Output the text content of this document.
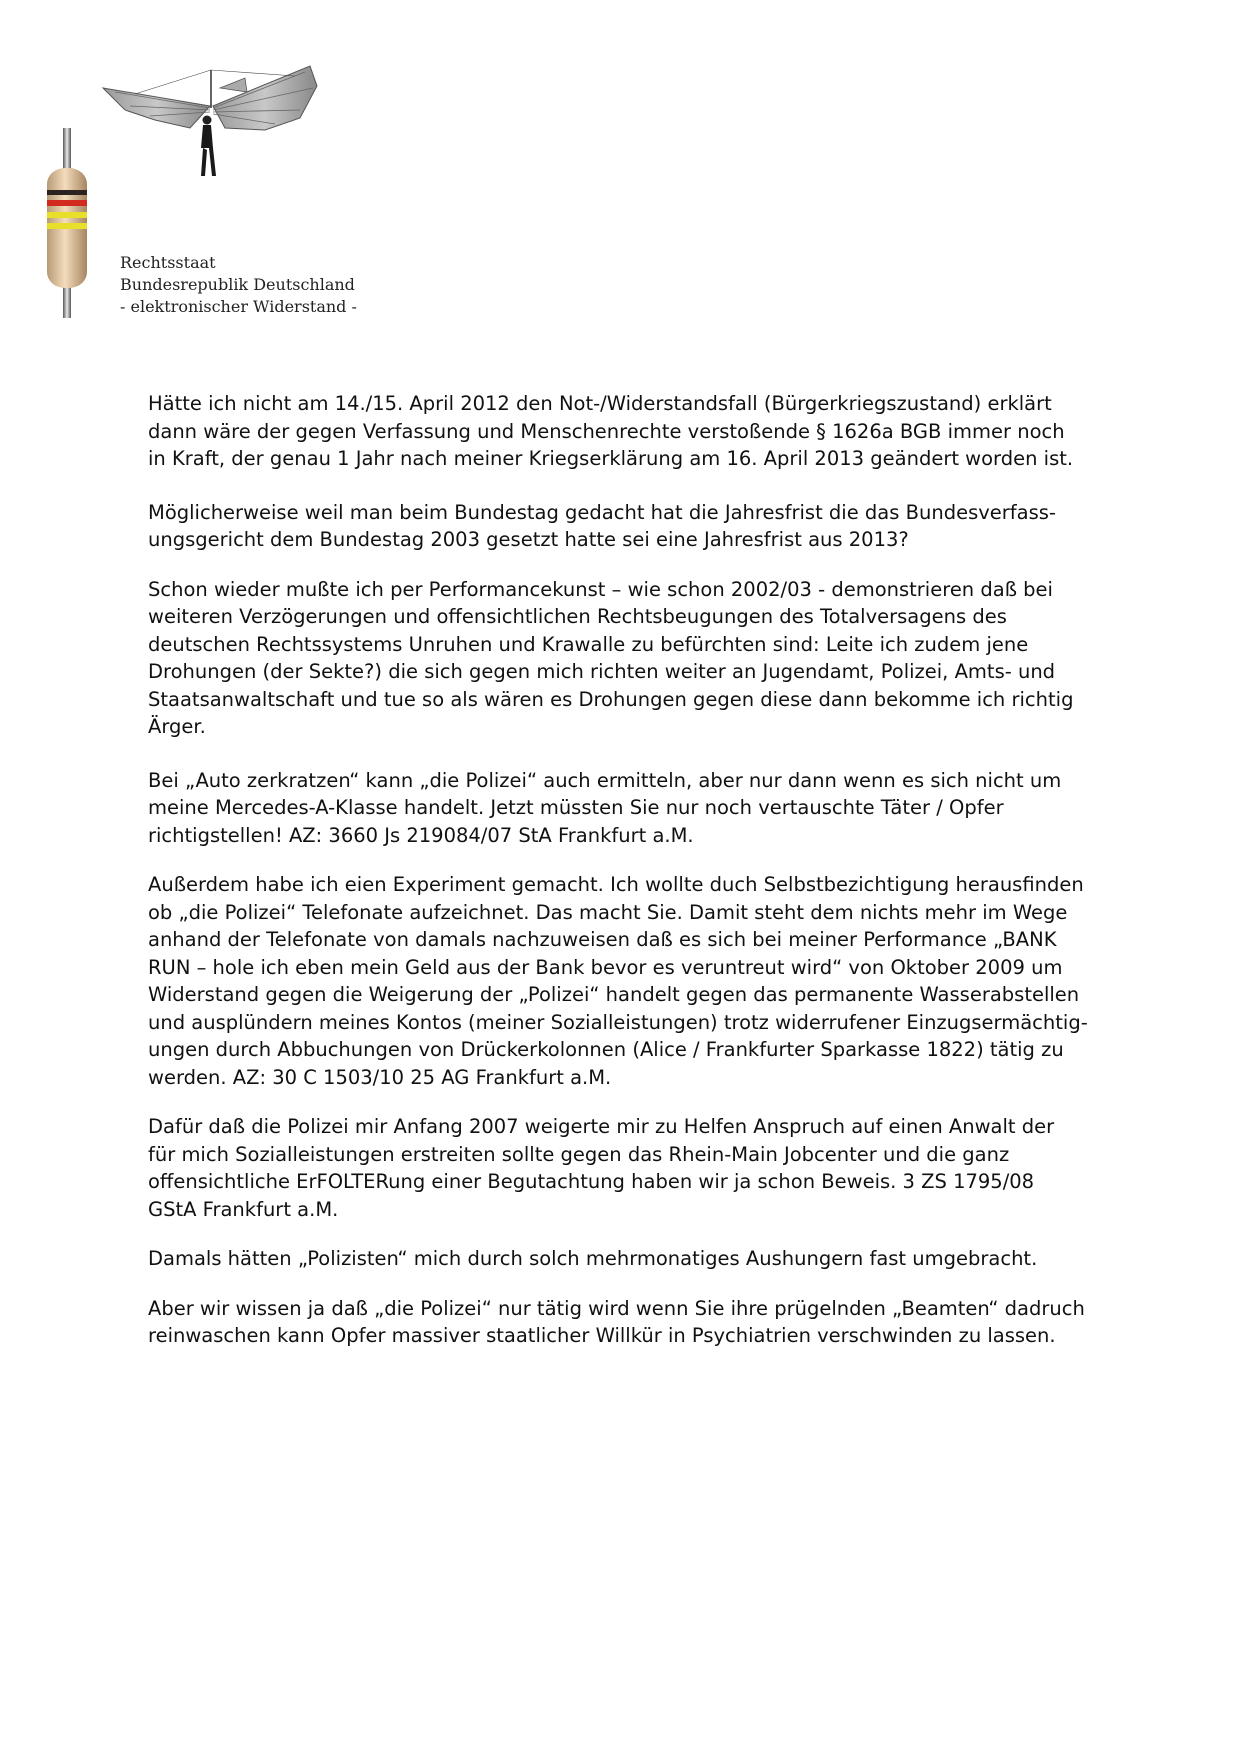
Rechtsstaat
Bundesrepublik Deutschland
- elektronischer Widerstand -

Hätte ich nicht am 14./15. April 2012 den Not-/Widerstandsfall (Bürgerkriegszustand) erklärt
dann wäre der gegen Verfassung und Menschenrechte verstoßende § 1626a BGB immer noch
in Kraft, der genau 1 Jahr nach meiner Kriegserklärung am 16. April 2013 geändert worden ist.

Möglicherweise weil man beim Bundestag gedacht hat die Jahresfrist die das Bundesverfass-
ungsgericht dem Bundestag 2003 gesetzt hatte sei eine Jahresfrist aus 2013?

Schon wieder mußte ich per Performancekunst – wie schon 2002/03 - demonstrieren daß bei
weiteren Verzögerungen und offensichtlichen Rechtsbeugungen des Totalversagens des
deutschen Rechtssystems Unruhen und Krawalle zu befürchten sind: Leite ich zudem jene
Drohungen (der Sekte?) die sich gegen mich richten weiter an Jugendamt, Polizei, Amts- und
Staatsanwaltschaft und tue so als wären es Drohungen gegen diese dann bekomme ich richtig
Ärger.

Bei „Auto zerkratzen“ kann „die Polizei“ auch ermitteln, aber nur dann wenn es sich nicht um
meine Mercedes-A-Klasse handelt. Jetzt müssten Sie nur noch vertauschte Täter / Opfer
richtigstellen! AZ: 3660 Js 219084/07 StA Frankfurt a.M.

Außerdem habe ich eien Experiment gemacht. Ich wollte duch Selbstbezichtigung herausfinden
ob „die Polizei“ Telefonate aufzeichnet. Das macht Sie. Damit steht dem nichts mehr im Wege
anhand der Telefonate von damals nachzuweisen daß es sich bei meiner Performance „BANK
RUN – hole ich eben mein Geld aus der Bank bevor es veruntreut wird“ von Oktober 2009 um
Widerstand gegen die Weigerung der „Polizei“ handelt gegen das permanente Wasserabstellen
und ausplündern meines Kontos (meiner Sozialleistungen) trotz widerrufener Einzugsermächtig-
ungen durch Abbuchungen von Drückerkolonnen (Alice / Frankfurter Sparkasse 1822) tätig zu
werden. AZ: 30 C 1503/10 25 AG Frankfurt a.M.

Dafür daß die Polizei mir Anfang 2007 weigerte mir zu Helfen Anspruch auf einen Anwalt der
für mich Sozialleistungen erstreiten sollte gegen das Rhein-Main Jobcenter und die ganz
offensichtliche ErFOLTERung einer Begutachtung haben wir ja schon Beweis. 3 ZS 1795/08
GStA Frankfurt a.M.

Damals hätten „Polizisten“ mich durch solch mehrmonatiges Aushungern fast umgebracht.

Aber wir wissen ja daß „die Polizei“ nur tätig wird wenn Sie ihre prügelnden „Beamten“ dadruch
reinwaschen kann Opfer massiver staatlicher Willkür in Psychiatrien verschwinden zu lassen.
